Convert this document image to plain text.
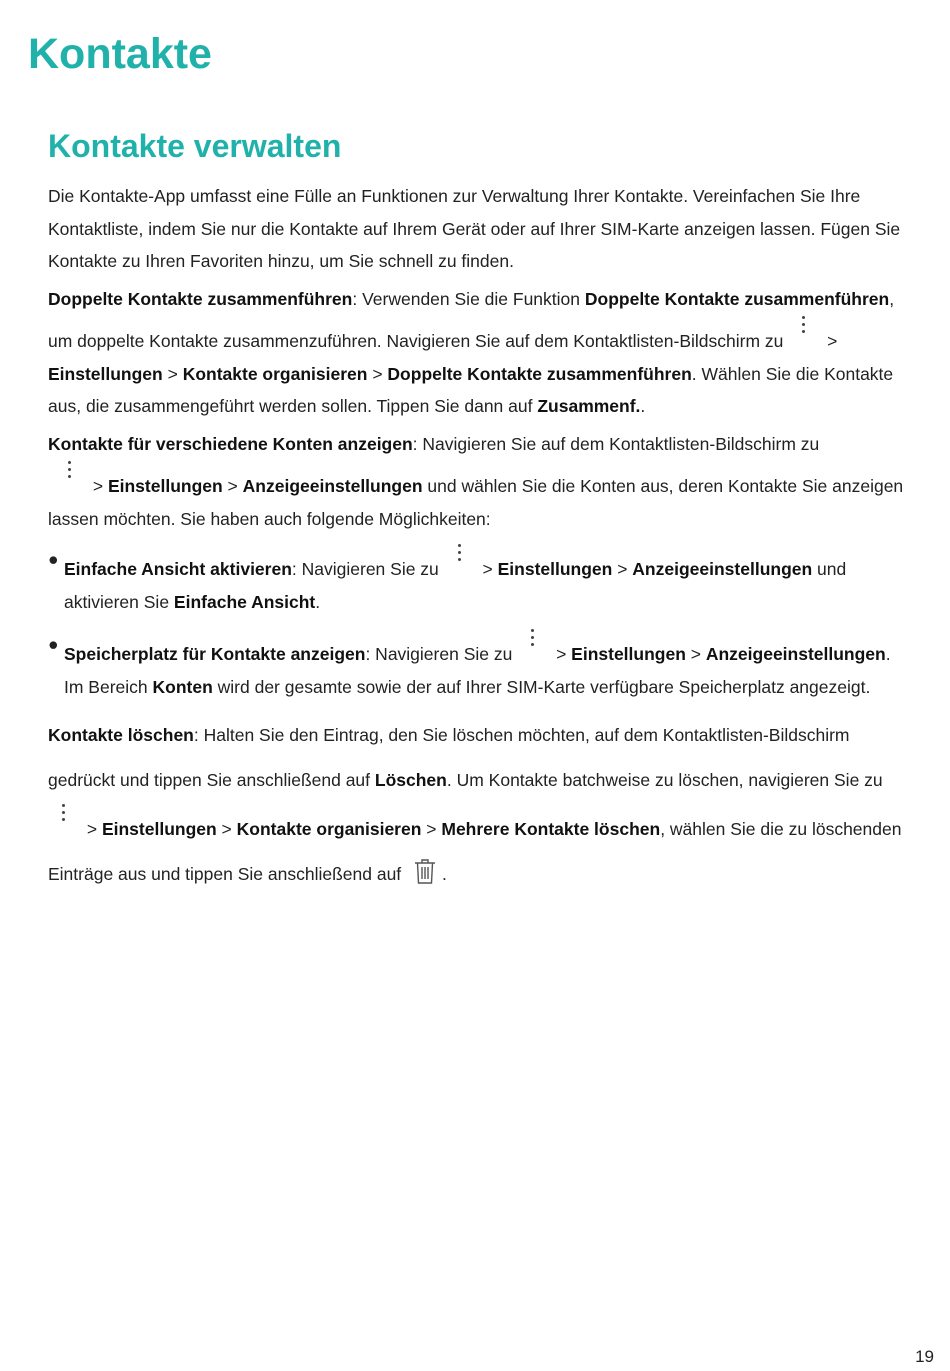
Kontakte
Kontakte verwalten

Die Kontakte-App umfasst eine Fülle an Funktionen zur Verwaltung Ihrer Kontakte. Vereinfachen Sie Ihre Kontaktliste, indem Sie nur die Kontakte auf Ihrem Gerät oder auf Ihrer SIM-Karte anzeigen lassen. Fügen Sie Kontakte zu Ihren Favoriten hinzu, um Sie schnell zu finden.

Doppelte Kontakte zusammenführen: Verwenden Sie die Funktion Doppelte Kontakte zusammenführen, um doppelte Kontakte zusammenzuführen. Navigieren Sie auf dem Kontaktlisten-Bildschirm zu
> Einstellungen > Kontakte organisieren > Doppelte Kontakte zusammenführen. Wählen Sie die Kontakte aus, die zusammengeführt werden sollen. Tippen Sie dann auf Zusammenf..

Kontakte für verschiedene Konten anzeigen: Navigieren Sie auf dem Kontaktlisten-Bildschirm zu

> Einstellungen > Anzeigeeinstellungen und wählen Sie die Konten aus, deren Kontakte Sie anzeigen lassen möchten. Sie haben auch folgende Möglichkeiten:

● Einfache Ansicht aktivieren: Navigieren Sie zu
> Einstellungen > Anzeigeeinstellungen und aktivieren Sie Einfache Ansicht.
● Speicherplatz für Kontakte anzeigen: Navigieren Sie zu
> Einstellungen > Anzeigeeinstellungen. Im Bereich Konten wird der gesamte sowie der auf Ihrer SIM-Karte verfügbare Speicherplatz angezeigt.

Kontakte löschen: Halten Sie den Eintrag, den Sie löschen möchten, auf dem Kontaktlisten-Bildschirm gedrückt und tippen Sie anschließend auf Löschen. Um Kontakte batchweise zu löschen, navigieren Sie zu
> Einstellungen > Kontakte organisieren > Mehrere Kontakte löschen, wählen Sie die zu löschenden Einträge aus und tippen Sie anschließend auf .

19
